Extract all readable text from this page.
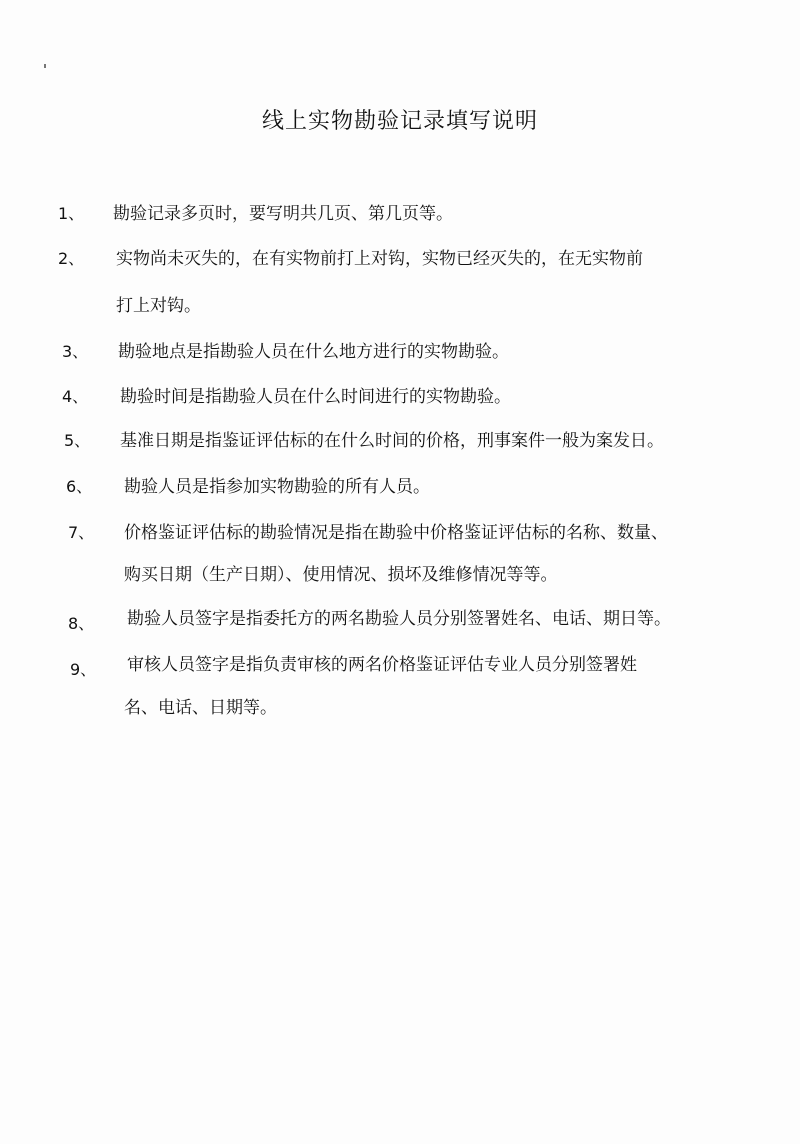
线上实物勘验记录填写说明
1、 勘验记录多页时，要写明共几页、第几页等。
2、 实物尚未灭失的，在有实物前打上对钩，实物已经灭失的，在无实物前
打上对钩。
3、 勘验地点是指勘验人员在什么地方进行的实物勘验。
4、 勘验时间是指勘验人员在什么时间进行的实物勘验。
5、 基准日期是指鉴证评估标的在什么时间的价格，刑事案件一般为案发日。
6、 勘验人员是指参加实物勘验的所有人员。
7、 价格鉴证评估标的勘验情况是指在勘验中价格鉴证评估标的名称、数量、
购买日期（生产日期）、使用情况、损坏及维修情况等等。
8、 勘验人员签字是指委托方的两名勘验人员分别签署姓名、电话、期日等。
9、 审核人员签字是指负责审核的两名价格鉴证评估专业人员分别签署姓
名、电话、日期等。
